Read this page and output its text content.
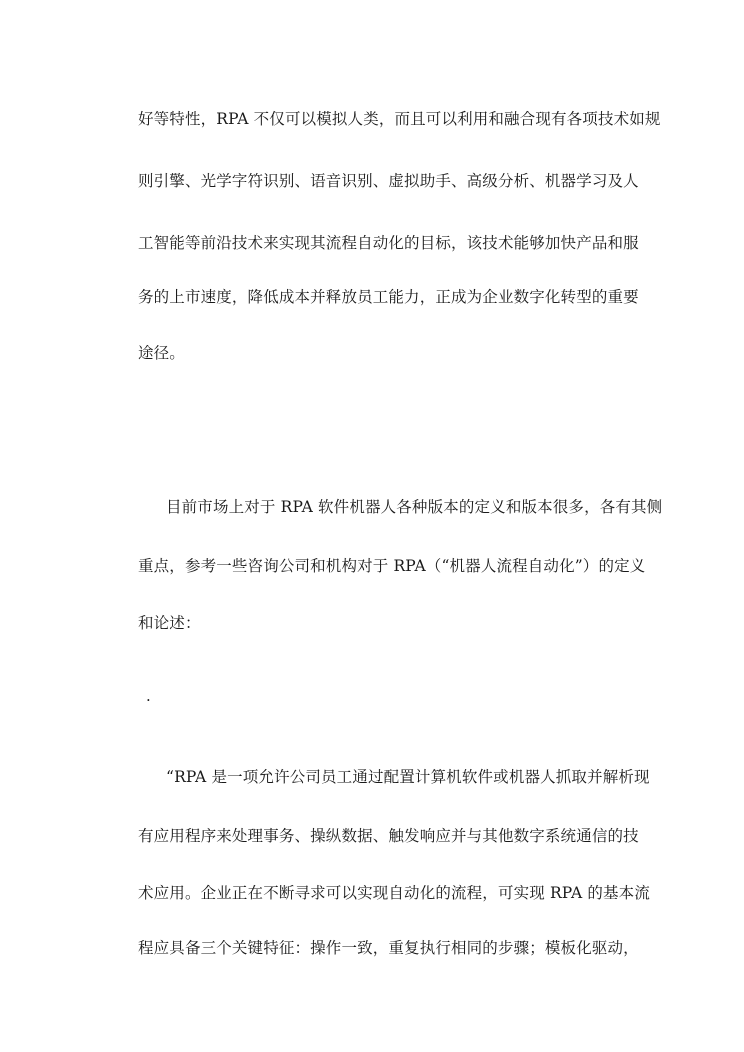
好等特性，RPA 不仅可以模拟人类，而且可以利用和融合现有各项技术如规
则引擎、光学字符识别、语音识别、虚拟助手、高级分析、机器学习及人
工智能等前沿技术来实现其流程自动化的目标，该技术能够加快产品和服
务的上市速度，降低成本并释放员工能力，正成为企业数字化转型的重要
途径。
目前市场上对于 RPA 软件机器人各种版本的定义和版本很多，各有其侧
重点，参考一些咨询公司和机构对于 RPA（“机器人流程自动化”）的定义
和论述：
·
“RPA 是一项允许公司员工通过配置计算机软件或机器人抓取并解析现
有应用程序来处理事务、操纵数据、触发响应并与其他数字系统通信的技
术应用。企业正在不断寻求可以实现自动化的流程，可实现 RPA 的基本流
程应具备三个关键特征：操作一致，重复执行相同的步骤；模板化驱动，
